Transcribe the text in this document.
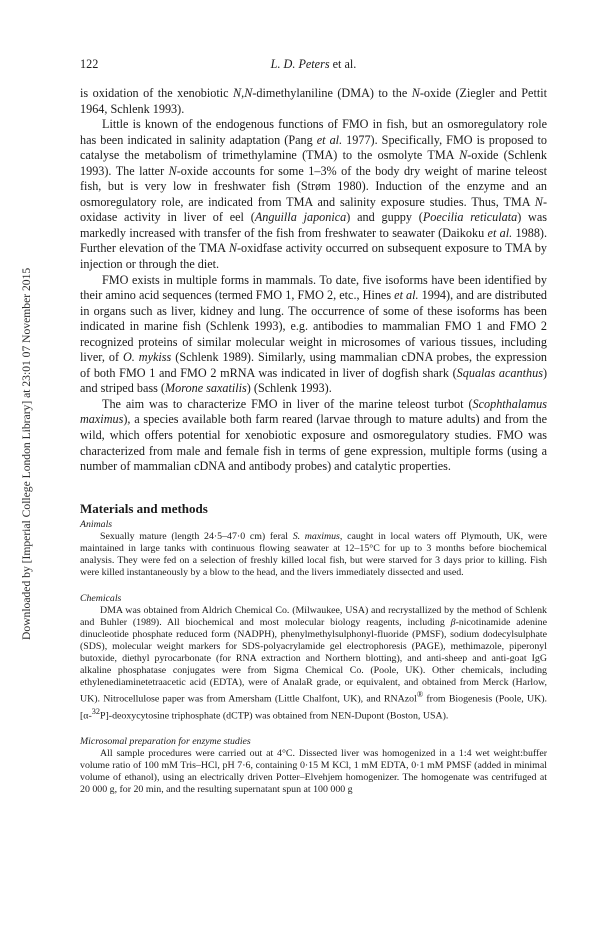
122	L. D. Peters et al.
Downloaded by [Imperial College London Library] at 23:01 07 November 2015

is oxidation of the xenobiotic N,N-dimethylaniline (DMA) to the N-oxide (Ziegler and Pettit 1964, Schlenk 1993).

Little is known of the endogenous functions of FMO in fish, but an osmoregulatory role has been indicated in salinity adaptation (Pang et al. 1977). Specifically, FMO is proposed to catalyse the metabolism of trimethylamine (TMA) to the osmolyte TMA N-oxide (Schlenk 1993). The latter N-oxide accounts for some 1–3% of the body dry weight of marine teleost fish, but is very low in freshwater fish (Strøm 1980). Induction of the enzyme and an osmoregulatory role, are indicated from TMA and salinity exposure studies. Thus, TMA N-oxidase activity in liver of eel (Anguilla japonica) and guppy (Poecilia reticulata) was markedly increased with transfer of the fish from freshwater to seawater (Daikoku et al. 1988). Further elevation of the TMA N-oxidfase activity occurred on subsequent exposure to TMA by injection or through the diet.

FMO exists in multiple forms in mammals. To date, five isoforms have been identified by their amino acid sequences (termed FMO 1, FMO 2, etc., Hines et al. 1994), and are distributed in organs such as liver, kidney and lung. The occurrence of some of these isoforms has been indicated in marine fish (Schlenk 1993), e.g. antibodies to mammalian FMO 1 and FMO 2 recognized proteins of similar molecular weight in microsomes of various tissues, including liver, of O. mykiss (Schlenk 1989). Similarly, using mammalian cDNA probes, the expression of both FMO 1 and FMO 2 mRNA was indicated in liver of dogfish shark (Squalas acanthus) and striped bass (Morone saxatilis) (Schlenk 1993).

The aim was to characterize FMO in liver of the marine teleost turbot (Scophthalamus maximus), a species available both farm reared (larvae through to mature adults) and from the wild, which offers potential for xenobiotic exposure and osmoregulatory studies. FMO was characterized from male and female fish in terms of gene expression, multiple forms (using a number of mammalian cDNA and antibody probes) and catalytic properties.

Materials and methods

Animals

Sexually mature (length 24·5–47·0 cm) feral S. maximus, caught in local waters off Plymouth, UK, were maintained in large tanks with continuous flowing seawater at 12–15°C for up to 3 months before biochemical analysis. They were fed on a selection of freshly killed local fish, but were starved for 3 days prior to killing. Fish were killed instantaneously by a blow to the head, and the livers immediately dissected and used.

Chemicals

DMA was obtained from Aldrich Chemical Co. (Milwaukee, USA) and recrystallized by the method of Schlenk and Buhler (1989). All biochemical and most molecular biology reagents, including β-nicotinamide adenine dinucleotide phosphate reduced form (NADPH), phenylmethylsulphonyl-fluoride (PMSF), sodium dodecylsulphate (SDS), molecular weight markers for SDS-polyacrylamide gel electrophoresis (PAGE), methimazole, piperonyl butoxide, diethyl pyrocarbonate (for RNA extraction and Northern blotting), and anti-sheep and anti-goat IgG alkaline phosphatase conjugates were from Sigma Chemical Co. (Poole, UK). Other chemicals, including ethylenediaminetetraacetic acid (EDTA), were of AnalaR grade, or equivalent, and obtained from Merck (Harlow, UK). Nitrocellulose paper was from Amersham (Little Chalfont, UK), and RNAzol® from Biogenesis (Poole, UK). [α-$^{32}$P]-deoxycytosine triphosphate (dCTP) was obtained from NEN-Dupont (Boston, USA).

Microsomal preparation for enzyme studies

All sample procedures were carried out at 4°C. Dissected liver was homogenized in a 1:4 wet weight:buffer volume ratio of 100 mM Tris–HCl, pH 7·6, containing 0·15 M KCl, 1 mM EDTA, 0·1 mM PMSF (added in minimal volume of ethanol), using an electrically driven Potter–Elvehjem homogenizer. The homogenate was centrifuged at 20 000 g, for 20 min, and the resulting supernatant spun at 100 000 g
